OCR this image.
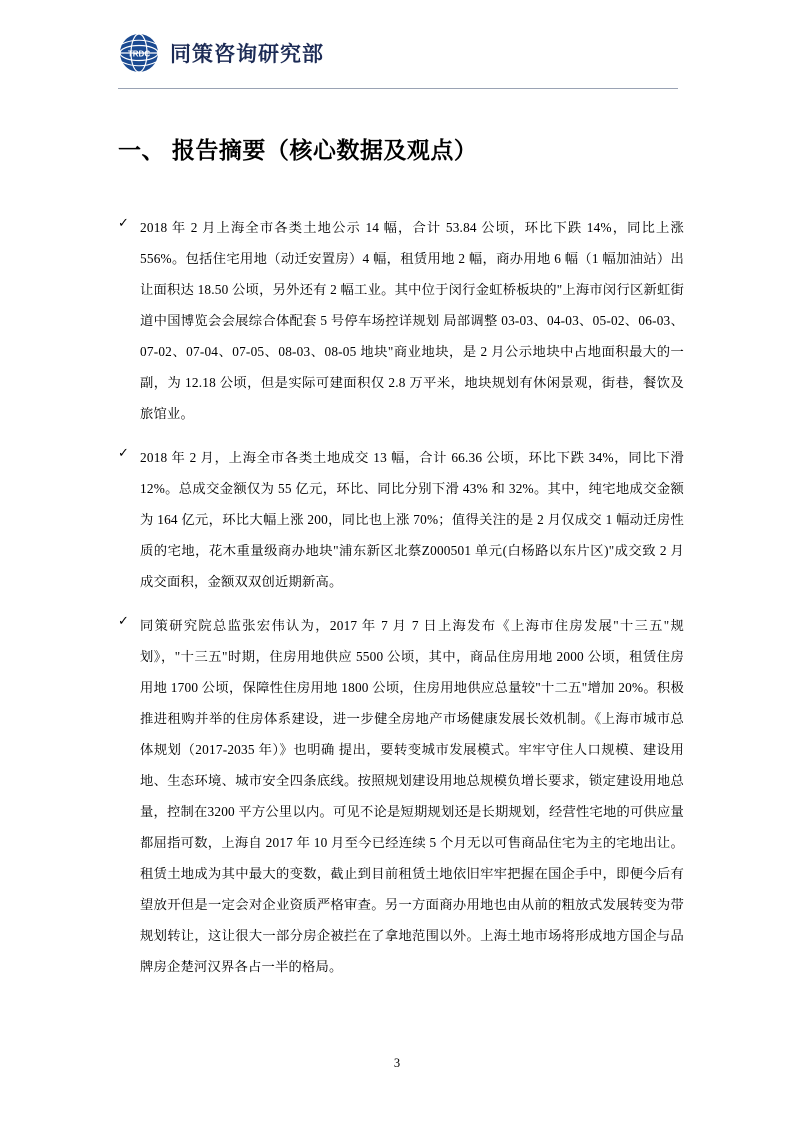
TRDC 同策咨询研究部
一、 报告摘要（核心数据及观点）
✓ 2018 年 2 月上海全市各类土地公示 14 幅，合计 53.84 公顷，环比下跌 14%，同比上涨 556%。包括住宅用地（动迁安置房）4 幅，租赁用地 2 幅，商办用地 6 幅（1 幅加油站）出让面积达 18.50 公顷，另外还有 2 幅工业。其中位于闵行金虹桥板块的"上海市闵行区新虹街道中国博览会会展综合体配套 5 号停车场控详规划 局部调整 03-03、04-03、05-02、06-03、07-02、07-04、07-05、08-03、08-05 地块"商业地块，是 2 月公示地块中占地面积最大的一副，为 12.18 公顷，但是实际可建面积仅 2.8 万平米，地块规划有休闲景观，街巷，餐饮及旅馆业。
✓ 2018 年 2 月，上海全市各类土地成交 13 幅，合计 66.36 公顷，环比下跌 34%，同比下滑 12%。总成交金额仅为 55 亿元，环比、同比分别下滑 43% 和 32%。其中，纯宅地成交金额为 164 亿元，环比大幅上涨 200，同比也上涨 70%；值得关注的是 2 月仅成交 1 幅动迁房性质的宅地，花木重量级商办地块"浦东新区北蔡Z000501 单元(白杨路以东片区)"成交致 2 月成交面积，金额双双创近期新高。
✓ 同策研究院总监张宏伟认为，2017 年 7 月 7 日上海发布《上海市住房发展"十三五"规划》，"十三五"时期，住房用地供应 5500 公顷，其中，商品住房用地 2000 公顷，租赁住房用地 1700 公顷，保障性住房用地 1800 公顷，住房用地供应总量较"十二五"增加 20%。积极推进租购并举的住房体系建设，进一步健全房地产市场健康发展长效机制。《上海市城市总体规划（2017-2035 年）》也明确 提出，要转变城市发展模式。牢牢守住人口规模、建设用地、生态环境、城市安全四条底线。按照规划建设用地总规模负增长要求，锁定建设用地总量，控制在3200 平方公里以内。可见不论是短期规划还是长期规划，经营性宅地的可供应量都屈指可数，上海自 2017 年 10 月至今已经连续 5 个月无以可售商品住宅为主的宅地出让。租赁土地成为其中最大的变数，截止到目前租赁土地依旧牢牢把握在国企手中，即便今后有望放开但是一定会对企业资质严格审查。另一方面商办用地也由从前的粗放式发展转变为带规划转让，这让很大一部分房企被拦在了拿地范围以外。上海土地市场将形成地方国企与品牌房企楚河汉界各占一半的格局。
3
